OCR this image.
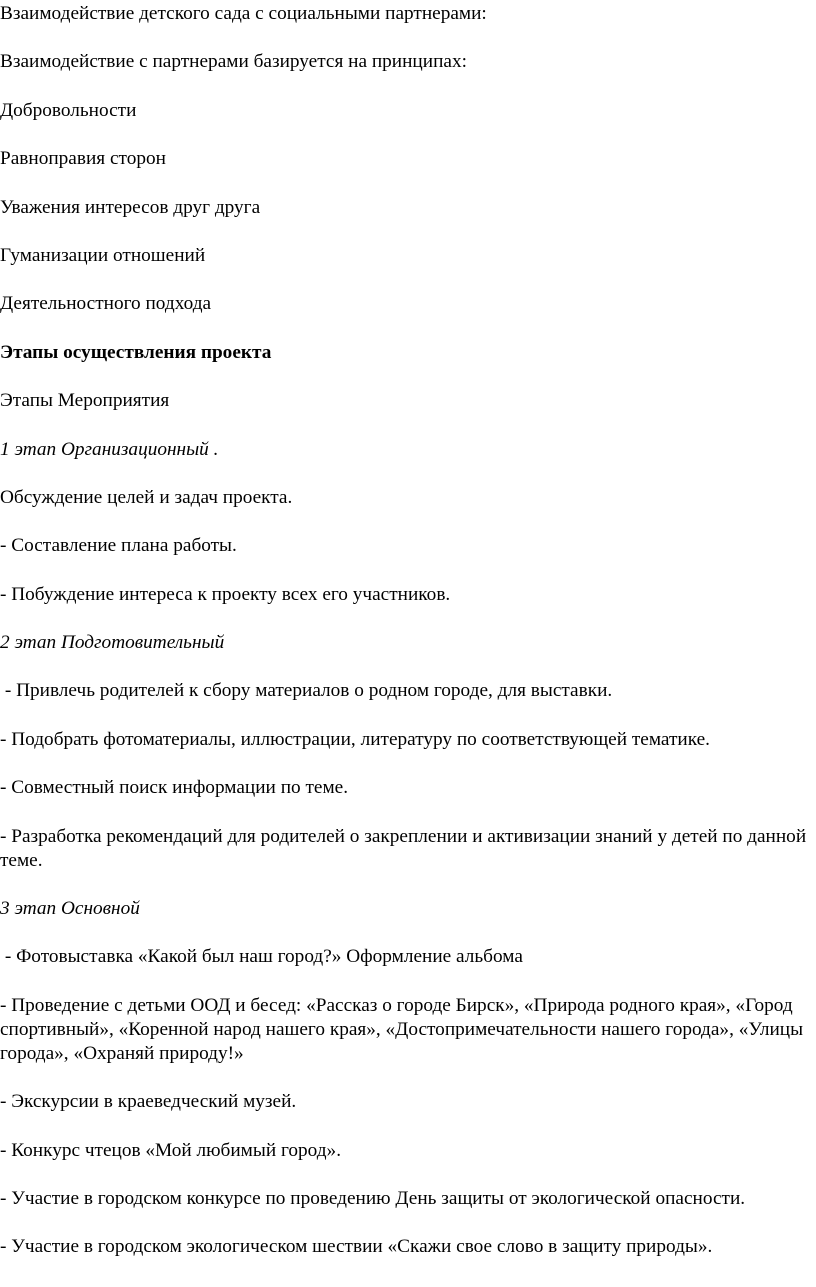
Взаимодействие детского сада с социальными партнерами:

Взаимодействие с партнерами базируется на принципах:

Добровольности

Равноправия сторон

Уважения интересов друг друга

Гуманизации отношений

Деятельностного подхода

Этапы осуществления проекта

Этапы Мероприятия

1 этап Организационный .

Обсуждение целей и задач проекта.

- Составление плана работы.

- Побуждение интереса к проекту всех его участников.

2 этап Подготовительный

- Привлечь родителей к сбору материалов о родном городе, для выставки.

- Подобрать фотоматериалы, иллюстрации, литературу по соответствующей тематике.

- Совместный поиск информации по теме.

- Разработка рекомендаций для родителей о закреплении и активизации знаний у детей по данной теме.

3 этап Основной

- Фотовыставка «Какой был наш город?» Оформление альбома

- Проведение с детьми ООД и бесед: «Рассказ о городе Бирск», «Природа родного края», «Город спортивный», «Коренной народ нашего края», «Достопримечательности нашего города», «Улицы города», «Охраняй природу!»

- Экскурсии в краеведческий музей.

- Конкурс чтецов «Мой любимый город».

- Участие в городском конкурсе по проведению День защиты от экологической опасности.

- Участие в городском экологическом шествии «Скажи свое слово в защиту природы».
